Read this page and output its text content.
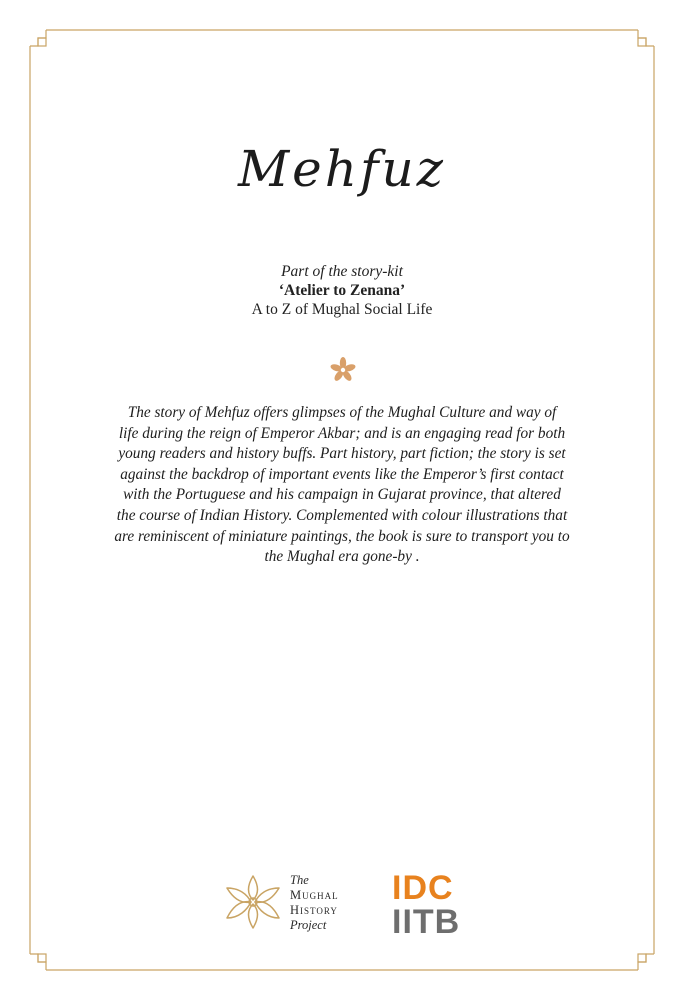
Mehfuz
Part of the story-kit
‘Atelier to Zenana’
A to Z of Mughal Social Life
The story of Mehfuz offers glimpses of the Mughal Culture and way of
life during the reign of Emperor Akbar; and is an engaging read for both
young readers and history buffs. Part history, part fiction; the story is set
against the backdrop of important events like the Emperor’s first contact
with the Portuguese and his campaign in Gujarat province, that altered
the course of Indian History. Complemented with colour illustrations that
are reminiscent of miniature paintings, the book is sure to transport you to
the Mughal era gone-by .
The
Mughal
History
Project
IDC
IITB
